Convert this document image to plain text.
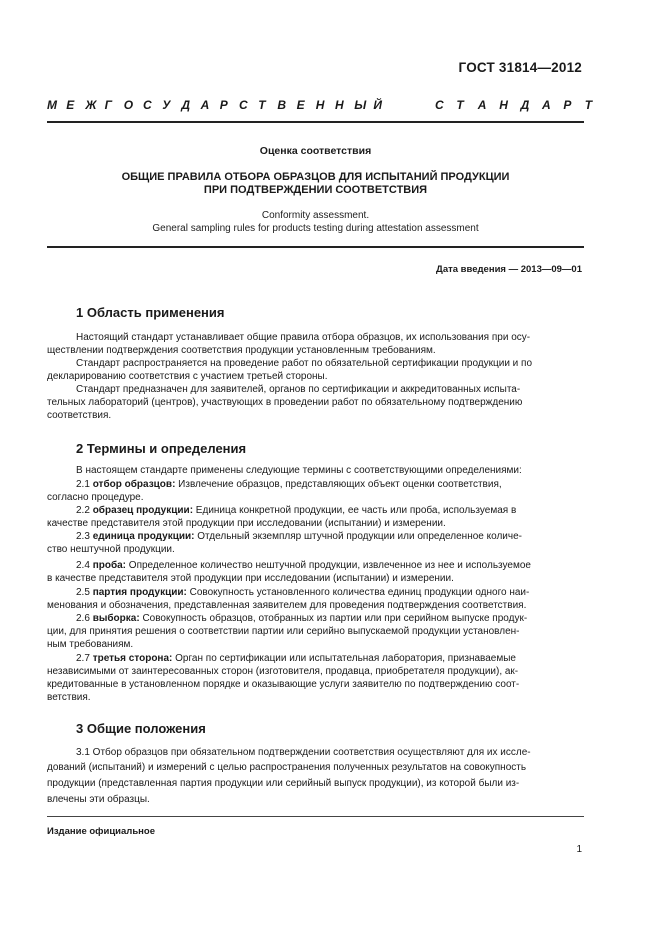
ГОСТ 31814—2012
М Е Ж Г О С У Д А Р С Т В Е Н Н Ы Й	С Т А Н Д А Р Т
Оценка соответствия
ОБЩИЕ ПРАВИЛА ОТБОРА ОБРАЗЦОВ ДЛЯ ИСПЫТАНИЙ ПРОДУКЦИИ
ПРИ ПОДТВЕРЖДЕНИИ СООТВЕТСТВИЯ
Conformity assessment.
General sampling rules for products testing during attestation assessment
Дата введения — 2013—09—01
1 Область применения
Настоящий стандарт устанавливает общие правила отбора образцов, их использования при осу-
ществлении подтверждения соответствия продукции установленным требованиям.
Стандарт распространяется на проведение работ по обязательной сертификации продукции и по
декларированию соответствия с участием третьей стороны.
Стандарт предназначен для заявителей, органов по сертификации и аккредитованных испыта-
тельных лабораторий (центров), участвующих в проведении работ по обязательному подтверждению
соответствия.
2 Термины и определения
В настоящем стандарте применены следующие термины с соответствующими определениями:
2.1 отбор образцов: Извлечение образцов, представляющих объект оценки соответствия,
согласно процедуре.
2.2 образец продукции: Единица конкретной продукции, ее часть или проба, используемая в
качестве представителя этой продукции при исследовании (испытании) и измерении.
2.3 единица продукции: Отдельный экземпляр штучной продукции или определенное количе-
ство нештучной продукции.
2.4 проба: Определенное количество нештучной продукции, извлеченное из нее и используемое
в качестве представителя этой продукции при исследовании (испытании) и измерении.
2.5 партия продукции: Совокупность установленного количества единиц продукции одного наи-
менования и обозначения, представленная заявителем для проведения подтверждения соответствия.
2.6 выборка: Совокупность образцов, отобранных из партии или при серийном выпуске продук-
ции, для принятия решения о соответствии партии или серийно выпускаемой продукции установлен-
ным требованиям.
2.7 третья сторона: Орган по сертификации или испытательная лаборатория, признаваемые
независимыми от заинтересованных сторон (изготовителя, продавца, приобретателя продукции), ак-
кредитованные в установленном порядке и оказывающие услуги заявителю по подтверждению соот-
ветствия.
3 Общие положения
3.1 Отбор образцов при обязательном подтверждении соответствия осуществляют для их иссле-
дований (испытаний) и измерений с целью распространения полученных результатов на совокупность
продукции (представленная партия продукции или серийный выпуск продукции), из которой были из-
влечены эти образцы.
Издание официальное
1
